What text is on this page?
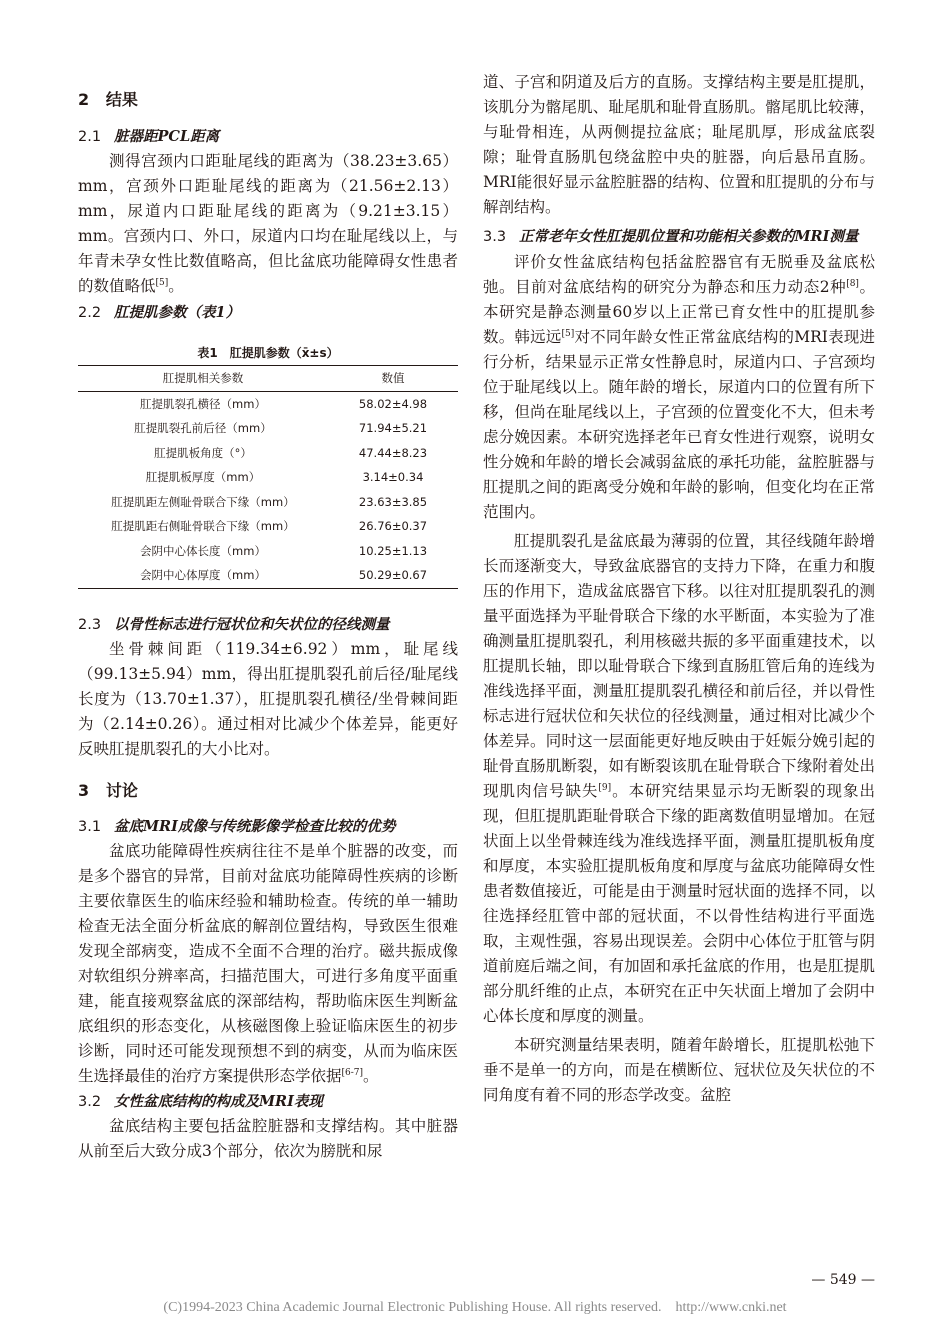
2 结果
2.1 脏器距PCL距离

测得宫颈内口距耻尾线的距离为（38.23±3.65）mm，宫颈外口距耻尾线的距离为（21.56±2.13）mm，尿道内口距耻尾线的距离为（9.21±3.15）mm。宫颈内口、外口，尿道内口均在耻尾线以上，与年青未孕女性比数值略高，但比盆底功能障碍女性患者的数值略低[5]。

2.2 肛提肌参数（表1）

表1　肛提肌参数（x̄±s）

肛提肌相关参数	数值
肛提肌裂孔横径（mm）	58.02±4.98
肛提肌裂孔前后径（mm）	71.94±5.21
肛提肌板角度（°）	47.44±8.23
肛提肌板厚度（mm）	3.14±0.34
肛提肌距左侧耻骨联合下缘（mm）	23.63±3.85
肛提肌距右侧耻骨联合下缘（mm）	26.76±0.37
会阴中心体长度（mm）	10.25±1.13
会阴中心体厚度（mm）	50.29±0.67
2.3 以骨性标志进行冠状位和矢状位的径线测量

坐骨棘间距（119.34±6.92）mm，耻尾线（99.13±5.94）mm，得出肛提肌裂孔前后径/耻尾线长度为（13.70±1.37），肛提肌裂孔横径/坐骨棘间距为（2.14±0.26）。通过相对比减少个体差异，能更好反映肛提肌裂孔的大小比对。

3 讨论
3.1 盆底MRI成像与传统影像学检查比较的优势

盆底功能障碍性疾病往往不是单个脏器的改变，而是多个器官的异常，目前对盆底功能障碍性疾病的诊断主要依靠医生的临床经验和辅助检查。传统的单一辅助检查无法全面分析盆底的解剖位置结构，导致医生很难发现全部病变，造成不全面不合理的治疗。磁共振成像对软组织分辨率高，扫描范围大，可进行多角度平面重建，能直接观察盆底的深部结构，帮助临床医生判断盆底组织的形态变化，从核磁图像上验证临床医生的初步诊断，同时还可能发现预想不到的病变，从而为临床医生选择最佳的治疗方案提供形态学依据[6-7]。

3.2 女性盆底结构的构成及MRI表现

盆底结构主要包括盆腔脏器和支撑结构。其中脏器从前至后大致分成3个部分，依次为膀胱和尿

道、子宫和阴道及后方的直肠。支撑结构主要是肛提肌，该肌分为髂尾肌、耻尾肌和耻骨直肠肌。髂尾肌比较薄，与耻骨相连，从两侧提拉盆底；耻尾肌厚，形成盆底裂隙；耻骨直肠肌包绕盆腔中央的脏器，向后悬吊直肠。MRI能很好显示盆腔脏器的结构、位置和肛提肌的分布与解剖结构。

3.3 正常老年女性肛提肌位置和功能相关参数的MRI测量

评价女性盆底结构包括盆腔器官有无脱垂及盆底松弛。目前对盆底结构的研究分为静态和压力动态2种[8]。本研究是静态测量60岁以上正常已育女性中的肛提肌参数。韩远远[5]对不同年龄女性正常盆底结构的MRI表现进行分析，结果显示正常女性静息时，尿道内口、子宫颈均位于耻尾线以上。随年龄的增长，尿道内口的位置有所下移，但尚在耻尾线以上，子宫颈的位置变化不大，但未考虑分娩因素。本研究选择老年已育女性进行观察，说明女性分娩和年龄的增长会减弱盆底的承托功能，盆腔脏器与肛提肌之间的距离受分娩和年龄的影响，但变化均在正常范围内。

肛提肌裂孔是盆底最为薄弱的位置，其径线随年龄增长而逐渐变大，导致盆底器官的支持力下降，在重力和腹压的作用下，造成盆底器官下移。以往对肛提肌裂孔的测量平面选择为平耻骨联合下缘的水平断面，本实验为了准确测量肛提肌裂孔，利用核磁共振的多平面重建技术，以肛提肌长轴，即以耻骨联合下缘到直肠肛管后角的连线为准线选择平面，测量肛提肌裂孔横径和前后径，并以骨性标志进行冠状位和矢状位的径线测量，通过相对比减少个体差异。同时这一层面能更好地反映由于妊娠分娩引起的耻骨直肠肌断裂，如有断裂该肌在耻骨联合下缘附着处出现肌肉信号缺失[9]。本研究结果显示均无断裂的现象出现，但肛提肌距耻骨联合下缘的距离数值明显增加。在冠状面上以坐骨棘连线为准线选择平面，测量肛提肌板角度和厚度，本实验肛提肌板角度和厚度与盆底功能障碍女性患者数值接近，可能是由于测量时冠状面的选择不同，以往选择经肛管中部的冠状面，不以骨性结构进行平面选取，主观性强，容易出现误差。会阴中心体位于肛管与阴道前庭后端之间，有加固和承托盆底的作用，也是肛提肌部分肌纤维的止点，本研究在正中矢状面上增加了会阴中心体长度和厚度的测量。

本研究测量结果表明，随着年龄增长，肛提肌松弛下垂不是单一的方向，而是在横断位、冠状位及矢状位的不同角度有着不同的形态学改变。盆腔

— 549 —
(C)1994-2023 China Academic Journal Electronic Publishing House. All rights reserved.　http://www.cnki.net
